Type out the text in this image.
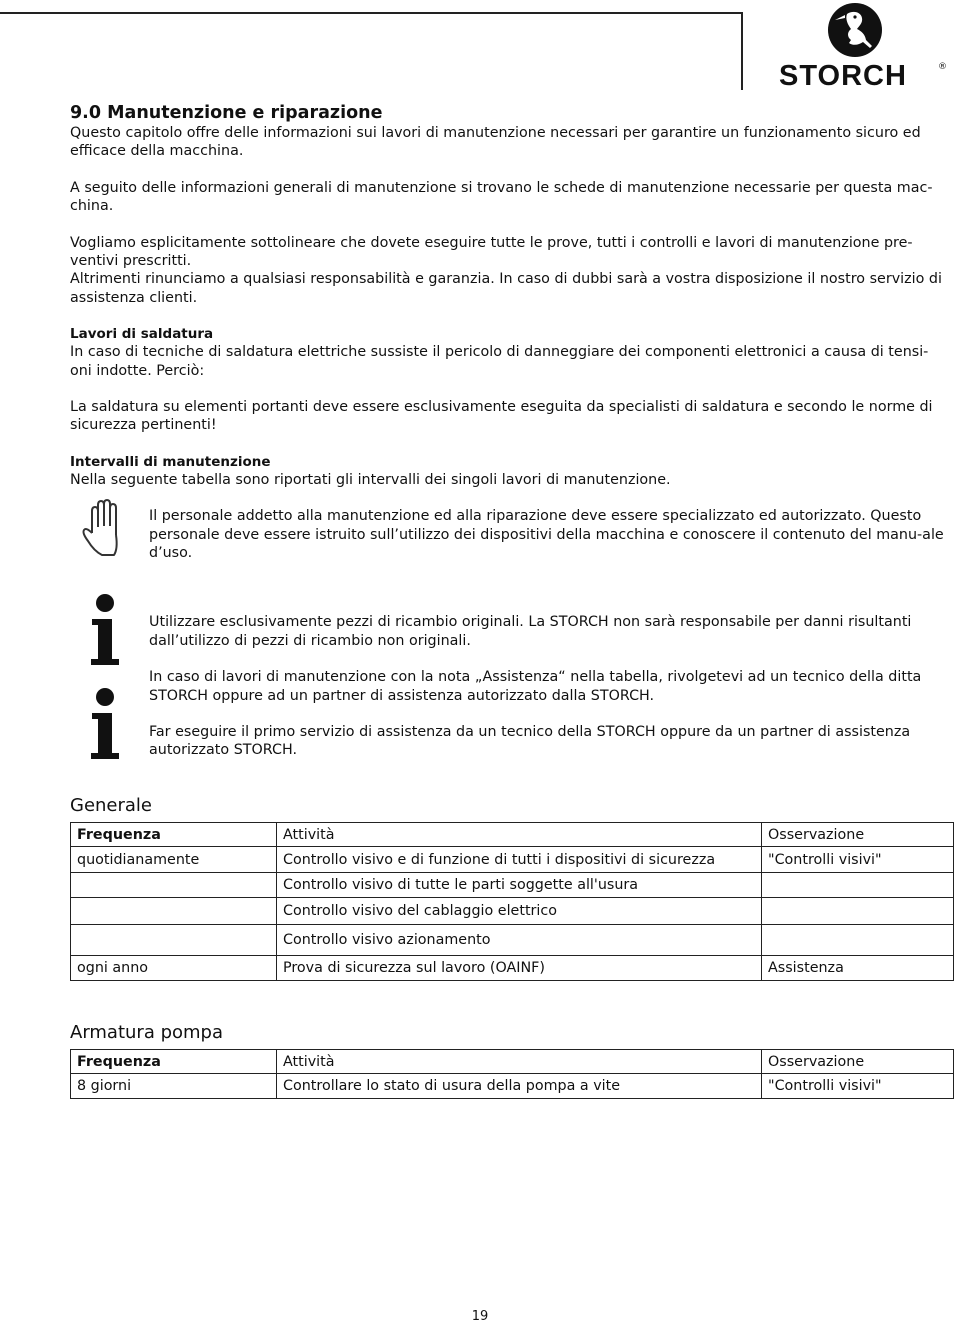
STORCH	®
9.0 Manutenzione e riparazione

Questo capitolo offre delle informazioni sui lavori di manutenzione necessari per garantire un funzionamento sicuro ed efficace della macchina.

A seguito delle informazioni generali di manutenzione si trovano le schede di manutenzione necessarie per questa mac-china.

Vogliamo esplicitamente sottolineare che dovete eseguire tutte le prove, tutti i controlli e lavori di manutenzione pre-ventivi prescritti.

Altrimenti rinunciamo a qualsiasi responsabilità e garanzia. In caso di dubbi sarà a vostra disposizione il nostro servizio di assistenza clienti.

Lavori di saldatura

In caso di tecniche di saldatura elettriche sussiste il pericolo di danneggiare dei componenti elettronici a causa di tensi-oni indotte. Perciò:

La saldatura su elementi portanti deve essere esclusivamente eseguita da specialisti di saldatura e secondo le norme di sicurezza pertinenti!

Intervalli di manutenzione

Nella seguente tabella sono riportati gli intervalli dei singoli lavori di manutenzione.

Il personale addetto alla manutenzione ed alla riparazione deve essere specializzato ed autorizzato. Questo personale deve essere istruito sull’utilizzo dei dispositivi della macchina e conoscere il contenuto del manu-ale d’uso.

Utilizzare esclusivamente pezzi di ricambio originali. La STORCH non sarà responsabile per danni risultanti dall’utilizzo di pezzi di ricambio non originali.

In caso di lavori di manutenzione con la nota „Assistenza“ nella tabella, rivolgetevi ad un tecnico della ditta STORCH oppure ad un partner di assistenza autorizzato dalla STORCH.

Far eseguire il primo servizio di assistenza da un tecnico della STORCH oppure da un partner di assistenza autorizzato STORCH.

Generale
Frequenza	Attività	Osservazione
quotidianamente	Controllo visivo e di funzione di tutti i dispositivi di sicurezza	"Controlli visivi"
	Controllo visivo di tutte le parti soggette all'usura	
	Controllo visivo del cablaggio elettrico	
	Controllo visivo azionamento	
ogni anno	Prova di sicurezza sul lavoro (OAINF)	Assistenza
Armatura pompa
Frequenza	Attività	Osservazione
8 giorni	Controllare lo stato di usura della pompa a vite	"Controlli visivi"
19
